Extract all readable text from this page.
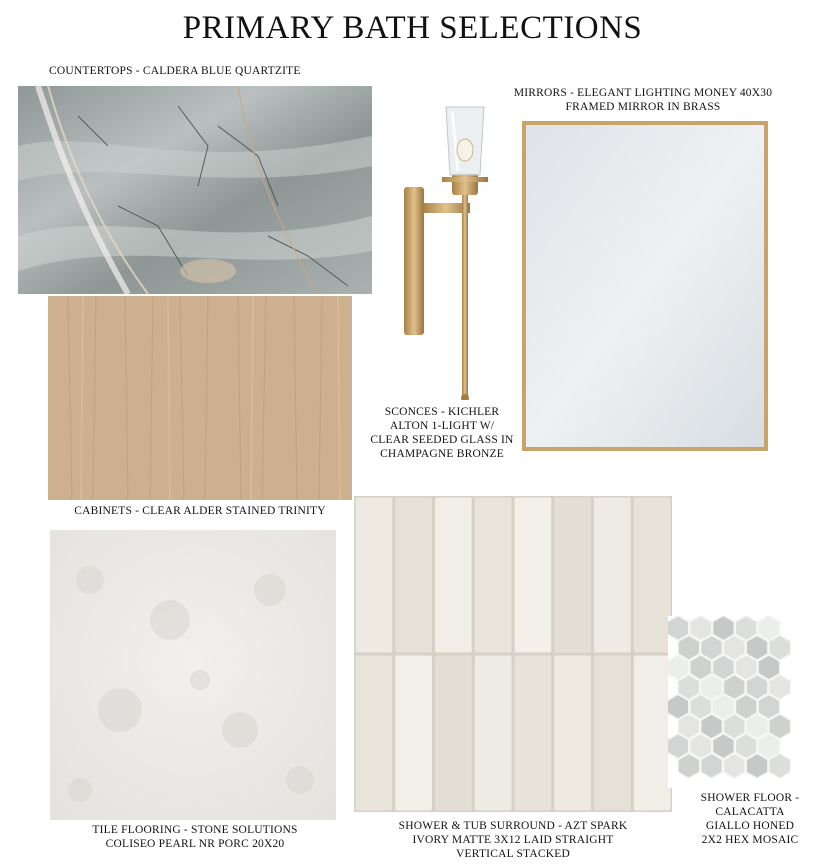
PRIMARY BATH SELECTIONS
COUNTERTOPS - CALDERA BLUE QUARTZITE
CABINETS - CLEAR ALDER STAINED TRINITY
SCONCES - KICHLER
ALTON 1-LIGHT W/
CLEAR SEEDED GLASS IN
CHAMPAGNE BRONZE
MIRRORS - ELEGANT LIGHTING MONEY 40X30
FRAMED MIRROR IN BRASS
TILE FLOORING - STONE SOLUTIONS
COLISEO PEARL NR PORC 20X20
SHOWER & TUB SURROUND - AZT SPARK
IVORY MATTE 3X12 LAID STRAIGHT
VERTICAL STACKED
SHOWER FLOOR -
CALACATTA
GIALLO HONED
2X2 HEX MOSAIC
